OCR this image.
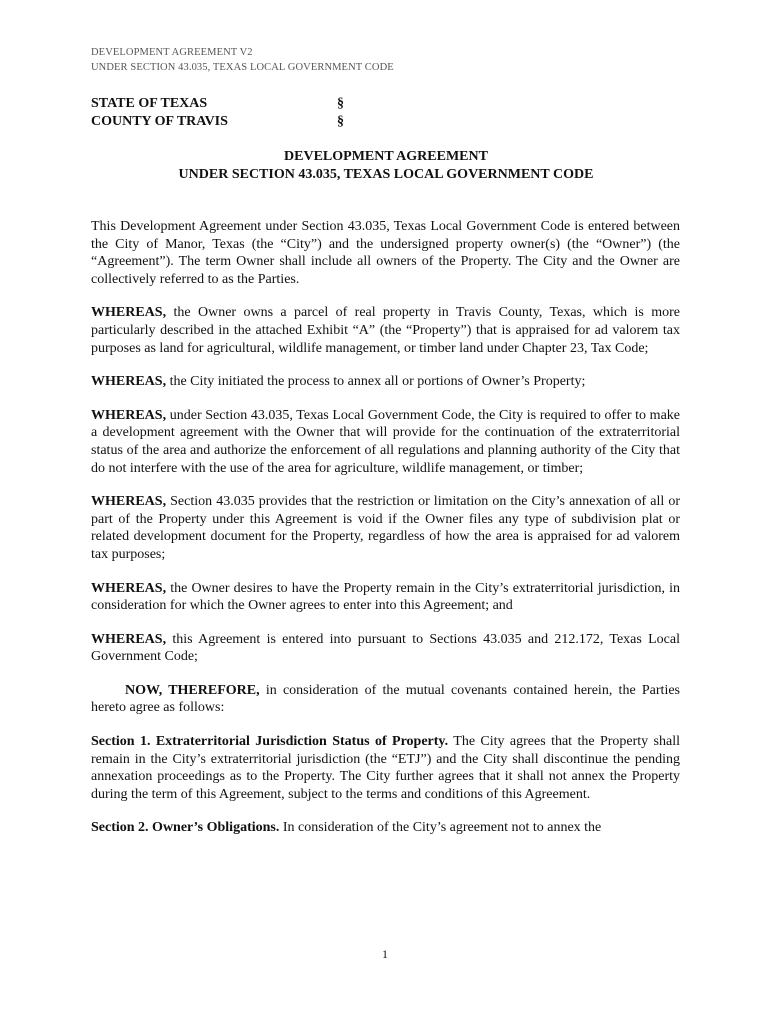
DEVELOPMENT AGREEMENT V2
UNDER SECTION 43.035, TEXAS LOCAL GOVERNMENT CODE
STATE OF TEXAS	§
COUNTY OF TRAVIS	§
DEVELOPMENT AGREEMENT
UNDER SECTION 43.035, TEXAS LOCAL GOVERNMENT CODE

This Development Agreement under Section 43.035, Texas Local Government Code is entered between the City of Manor, Texas (the “City”) and the undersigned property owner(s) (the “Owner”) (the “Agreement”). The term Owner shall include all owners of the Property. The City and the Owner are collectively referred to as the Parties.

WHEREAS, the Owner owns a parcel of real property in Travis County, Texas, which is more particularly described in the attached Exhibit “A” (the “Property”) that is appraised for ad valorem tax purposes as land for agricultural, wildlife management, or timber land under Chapter 23, Tax Code;

WHEREAS, the City initiated the process to annex all or portions of Owner’s Property;

WHEREAS, under Section 43.035, Texas Local Government Code, the City is required to offer to make a development agreement with the Owner that will provide for the continuation of the extraterritorial status of the area and authorize the enforcement of all regulations and planning authority of the City that do not interfere with the use of the area for agriculture, wildlife management, or timber;

WHEREAS, Section 43.035 provides that the restriction or limitation on the City’s annexation of all or part of the Property under this Agreement is void if the Owner files any type of subdivision plat or related development document for the Property, regardless of how the area is appraised for ad valorem tax purposes;

WHEREAS, the Owner desires to have the Property remain in the City’s extraterritorial jurisdiction, in consideration for which the Owner agrees to enter into this Agreement; and

WHEREAS, this Agreement is entered into pursuant to Sections 43.035 and 212.172, Texas Local Government Code;

NOW, THEREFORE, in consideration of the mutual covenants contained herein, the Parties hereto agree as follows:

Section 1. Extraterritorial Jurisdiction Status of Property. The City agrees that the Property shall remain in the City’s extraterritorial jurisdiction (the “ETJ”) and the City shall discontinue the pending annexation proceedings as to the Property. The City further agrees that it shall not annex the Property during the term of this Agreement, subject to the terms and conditions of this Agreement.

Section 2. Owner’s Obligations. In consideration of the City’s agreement not to annex the

1
